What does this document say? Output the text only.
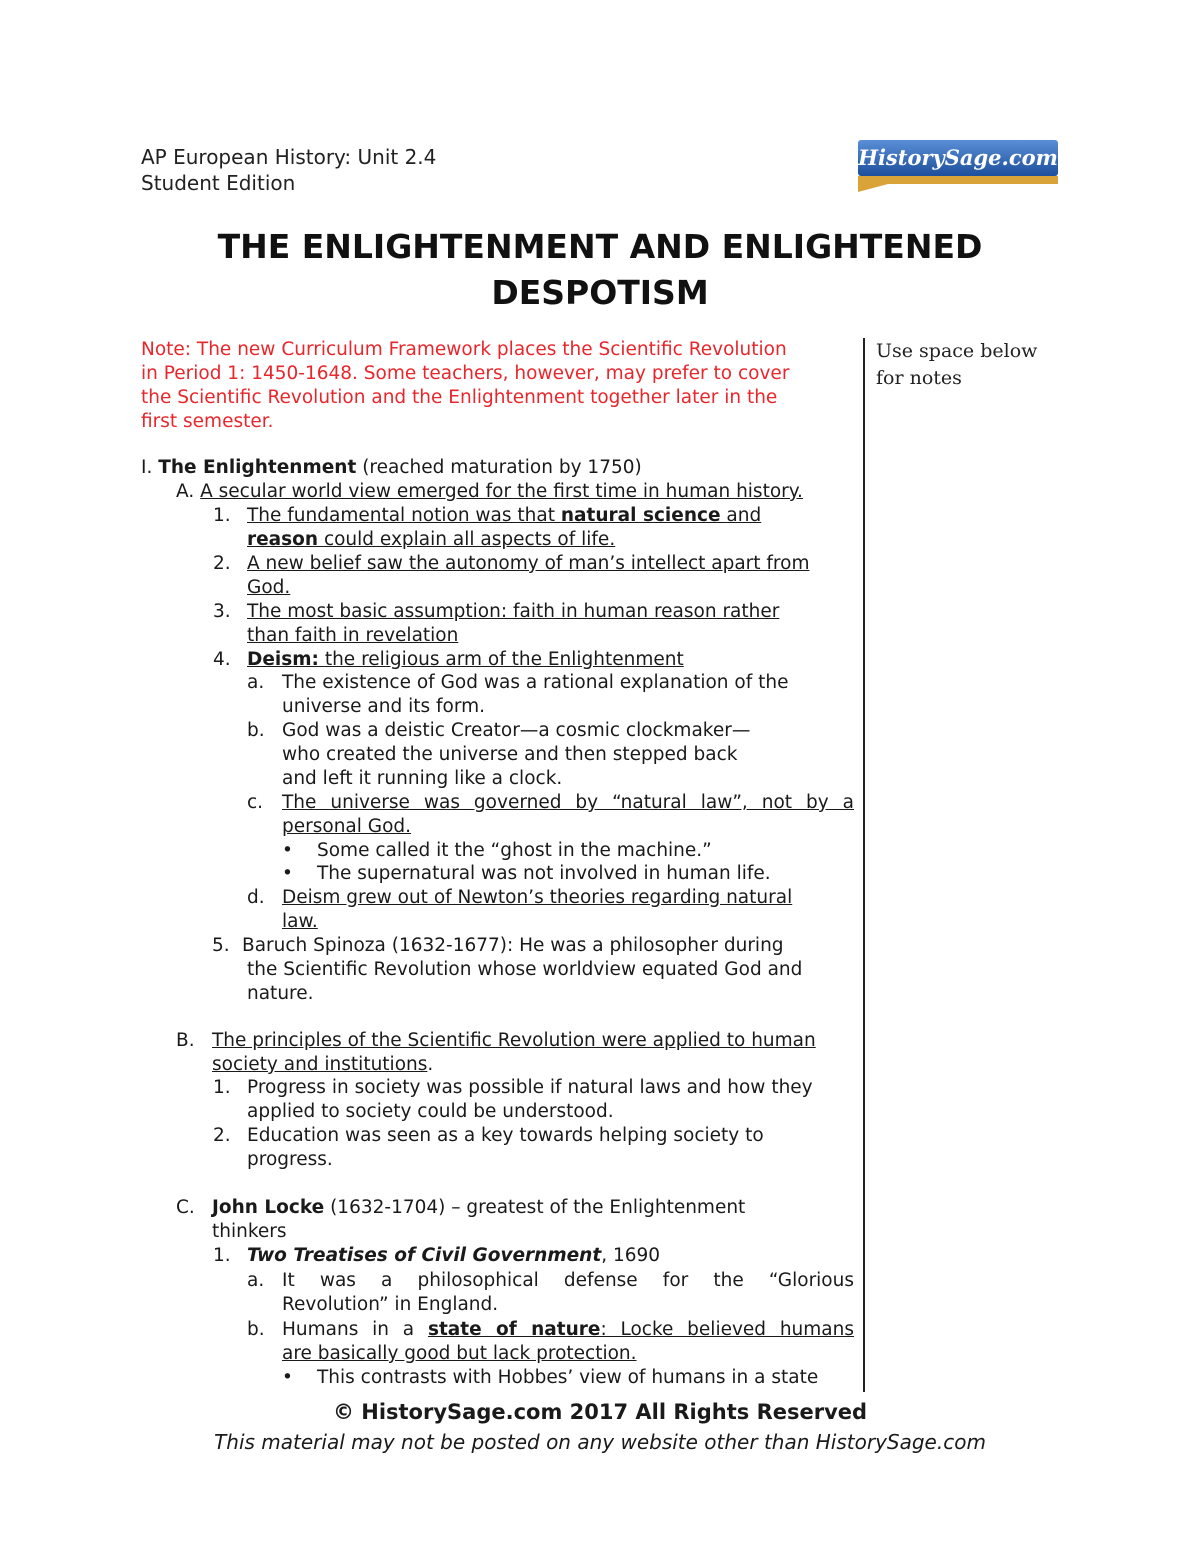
AP European History: Unit 2.4
Student Edition
HistorySage.com
THE ENLIGHTENMENT AND ENLIGHTENED
DESPOTISM
Note: The new Curriculum Framework places the Scientific Revolution
in Period 1: 1450-1648. Some teachers, however, may prefer to cover
the Scientific Revolution and the Enlightenment together later in the
first semester.
Use space below
for notes
I. The Enlightenment (reached maturation by 1750)
A. A secular world view emerged for the first time in human history.
1. The fundamental notion was that natural science and
reason could explain all aspects of life.
2. A new belief saw the autonomy of man’s intellect apart from
God.
3. The most basic assumption: faith in human reason rather
than faith in revelation
4. Deism: the religious arm of the Enlightenment
a. The existence of God was a rational explanation of the
universe and its form.
b. God was a deistic Creator—a cosmic clockmaker—
who created the universe and then stepped back
and left it running like a clock.
c. The universe was governed by “natural law”, not by a
personal God.
• Some called it the “ghost in the machine.”
• The supernatural was not involved in human life.
d. Deism grew out of Newton’s theories regarding natural
law.
5. Baruch Spinoza (1632-1677): He was a philosopher during
the Scientific Revolution whose worldview equated God and
nature.
B. The principles of the Scientific Revolution were applied to human
society and institutions.
1. Progress in society was possible if natural laws and how they
applied to society could be understood.
2. Education was seen as a key towards helping society to
progress.
C. John Locke (1632-1704) – greatest of the Enlightenment
thinkers
1. Two Treatises of Civil Government, 1690
a. It was a philosophical defense for the “Glorious
Revolution” in England.
b. Humans in a state of nature: Locke believed humans
are basically good but lack protection.
• This contrasts with Hobbes’ view of humans in a state
© HistorySage.com 2017 All Rights Reserved
This material may not be posted on any website other than HistorySage.com
